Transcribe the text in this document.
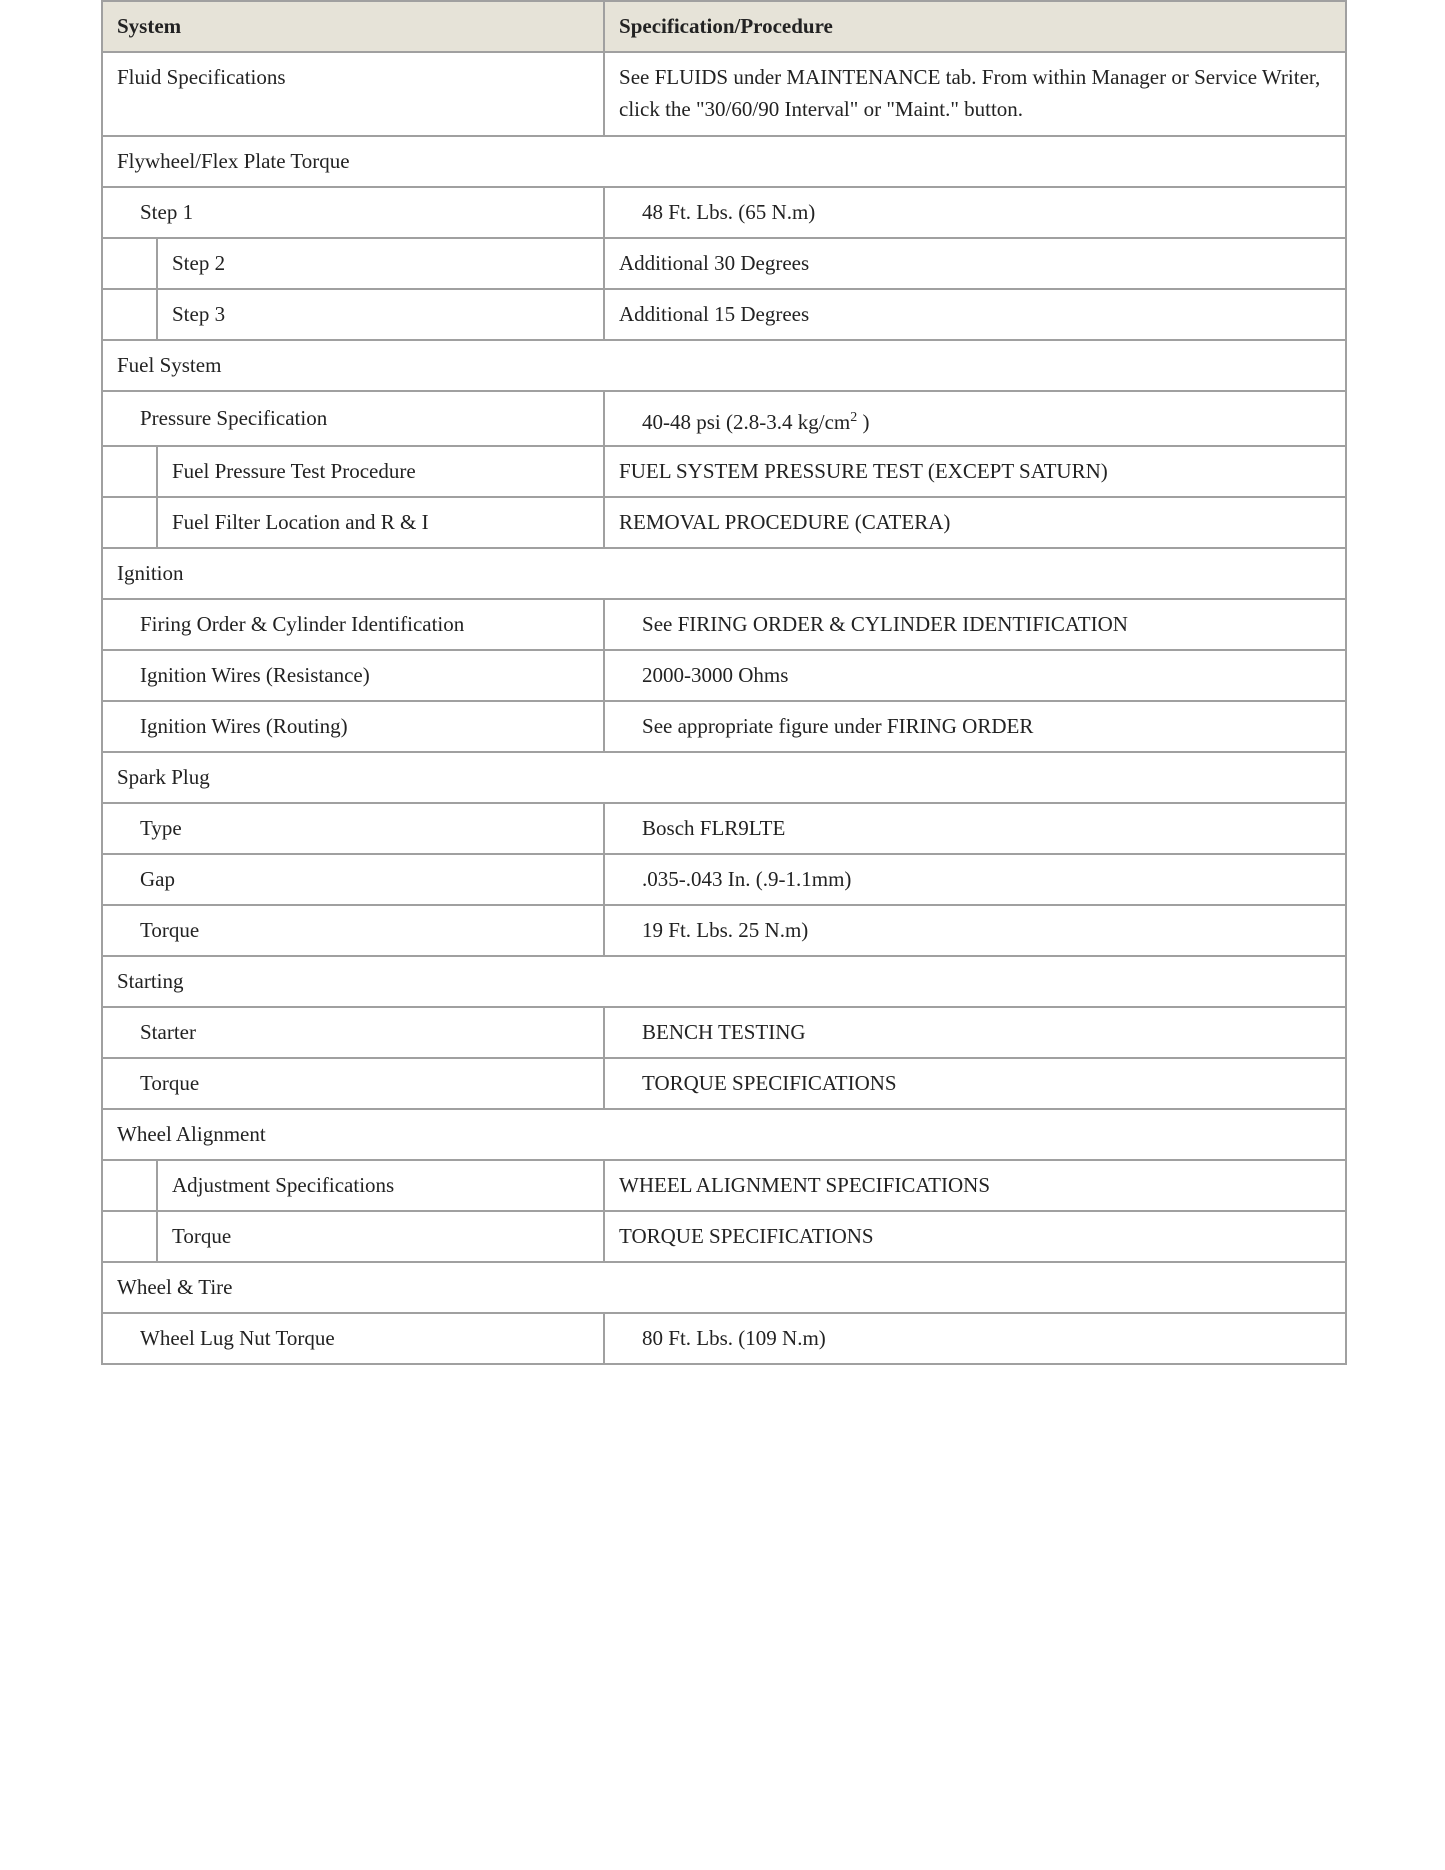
System		Specification/Procedure
Fluid Specifications		See FLUIDS under MAINTENANCE tab. From within Manager or Service Writer, click the "30/60/90 Interval" or "Maint." button.
Flywheel/Flex Plate Torque		
Step 1		48 Ft. Lbs. (65 N.m)
	Step 2	Additional 30 Degrees
	Step 3	Additional 15 Degrees
Fuel System		
Pressure Specification		40-48 psi (2.8-3.4 $kg/cm^2$ )
	Fuel Pressure Test Procedure	FUEL SYSTEM PRESSURE TEST (EXCEPT SATURN)
	Fuel Filter Location and R & I	REMOVAL PROCEDURE (CATERA)
Ignition		
Firing Order & Cylinder Identification		See FIRING ORDER & CYLINDER IDENTIFICATION
Ignition Wires (Resistance)		2000-3000 Ohms
Ignition Wires (Routing)		See appropriate figure under FIRING ORDER
Spark Plug		
Type		Bosch FLR9LTE
Gap		.035-.043 In. (.9-1.1mm)
Torque		19 Ft. Lbs. 25 N.m)
Starting		
Starter		BENCH TESTING
Torque		TORQUE SPECIFICATIONS
Wheel Alignment		
	Adjustment Specifications	WHEEL ALIGNMENT SPECIFICATIONS
	Torque	TORQUE SPECIFICATIONS
Wheel & Tire		
Wheel Lug Nut Torque		80 Ft. Lbs. (109 N.m)
